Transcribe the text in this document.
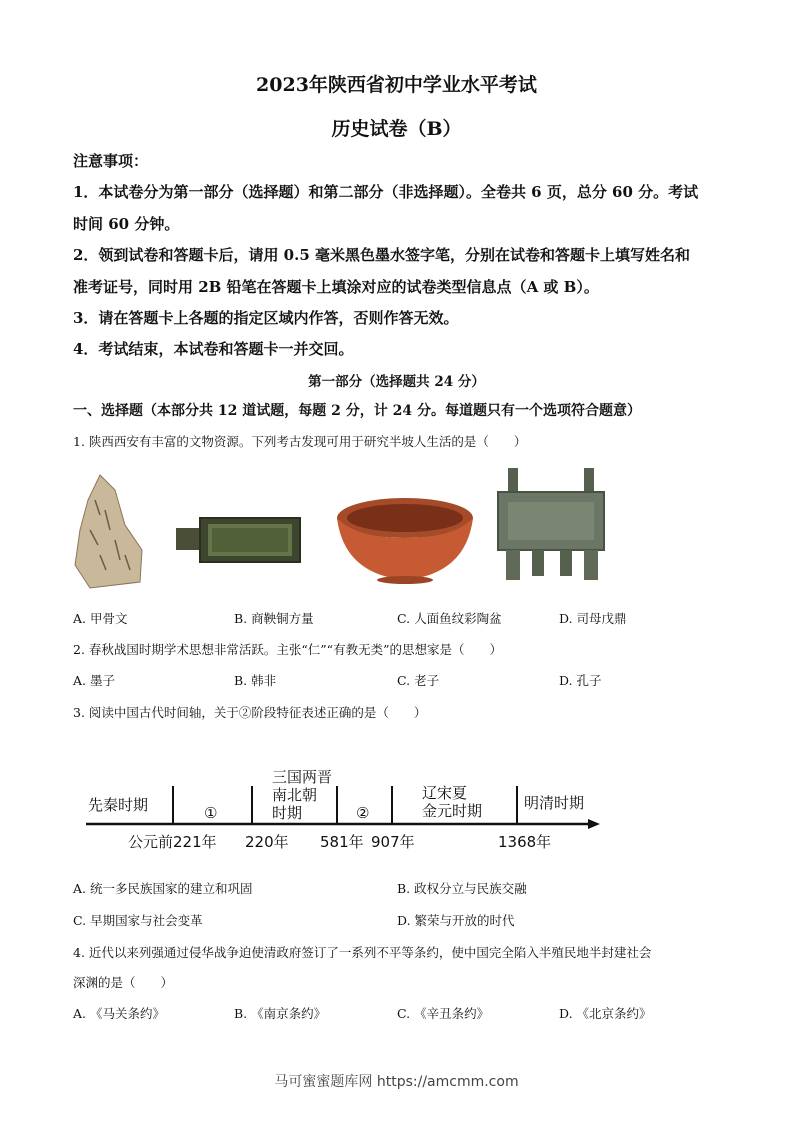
2023年陕西省初中学业水平考试
历史试卷（B）
注意事项：
1．本试卷分为第一部分（选择题）和第二部分（非选择题）。全卷共 6 页，总分 60 分。考试
时间 60 分钟。
2．领到试卷和答题卡后，请用 0.5 毫米黑色墨水签字笔，分别在试卷和答题卡上填写姓名和
准考证号，同时用 2B 铅笔在答题卡上填涂对应的试卷类型信息点（A 或 B）。
3．请在答题卡上各题的指定区域内作答，否则作答无效。
4．考试结束，本试卷和答题卡一并交回。
第一部分（选择题共 24 分）
一、选择题（本部分共 12 道试题，每题 2 分，计 24 分。每道题只有一个选项符合题意）
1. 陕西西安有丰富的文物资源。下列考古发现可用于研究半坡人生活的是（　　）
A. 甲骨文	B. 商鞅铜方量	C. 人面鱼纹彩陶盆	D. 司母戊鼎
2. 春秋战国时期学术思想非常活跃。主张“仁”“有教无类”的思想家是（　　）
A. 墨子	B. 韩非	C. 老子	D. 孔子
3. 阅读中国古代时间轴，关于②阶段特征表述正确的是（　　）
先秦时期	①
三国两晋
南北朝
时期	②
辽宋夏
金元时期	明清时期
公元前221年 220年 581年 907年	1368年
A. 统一多民族国家的建立和巩固	B. 政权分立与民族交融
C. 早期国家与社会变革	D. 繁荣与开放的时代
4. 近代以来列强通过侵华战争迫使清政府签订了一系列不平等条约，使中国完全陷入半殖民地半封建社会
深渊的是（　　）
A. 《马关条约》	B. 《南京条约》	C. 《辛丑条约》	D. 《北京条约》
马可蜜蜜题库网 https://amcmm.com
